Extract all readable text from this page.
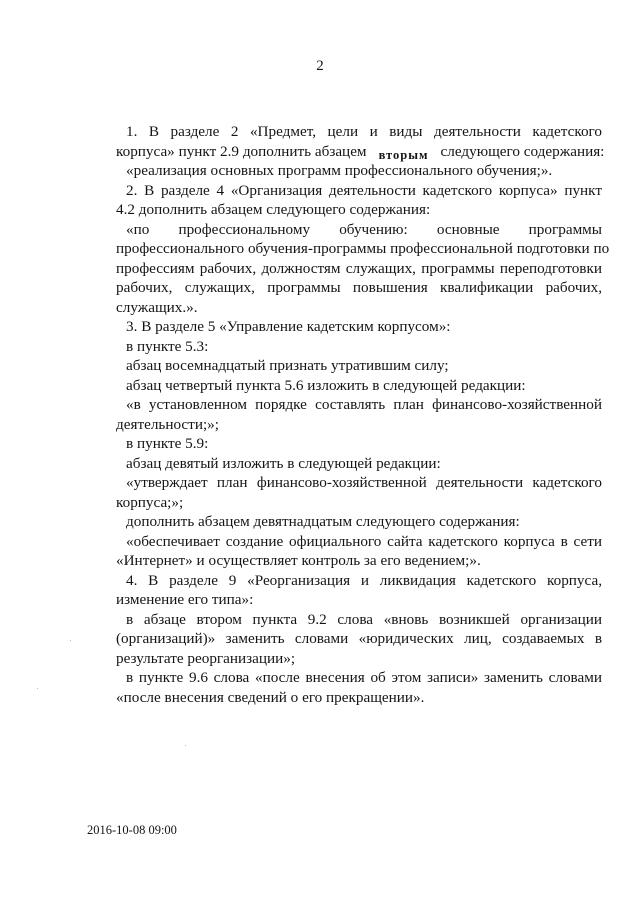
2
1. В разделе 2 «Предмет, цели и виды деятельности кадетского
корпуса» пункт 2.9 дополнить абзацем вторым следующего содержания:
«реализация основных программ профессионального обучения;».
2. В разделе 4 «Организация деятельности кадетского корпуса» пункт
4.2 дополнить абзацем следующего содержания:
«по профессиональному обучению: основные программы
профессионального обучения-программы профессиональной подготовки по
профессиям рабочих, должностям служащих, программы переподготовки
рабочих, служащих, программы повышения квалификации рабочих,
служащих.».
3. В разделе 5 «Управление кадетским корпусом»:
в пункте 5.3:
абзац восемнадцатый признать утратившим силу;
абзац четвертый пункта 5.6 изложить в следующей редакции:
«в установленном порядке составлять план финансово-хозяйственной
деятельности;»;
в пункте 5.9:
абзац девятый изложить в следующей редакции:
«утверждает план финансово-хозяйственной деятельности кадетского
корпуса;»;
дополнить абзацем девятнадцатым следующего содержания:
«обеспечивает создание официального сайта кадетского корпуса в сети
«Интернет» и осуществляет контроль за его ведением;».
4. В разделе 9 «Реорганизация и ликвидация кадетского корпуса,
изменение его типа»:
в абзаце втором пункта 9.2 слова «вновь возникшей организации
(организаций)» заменить словами «юридических лиц, создаваемых в
результате реорганизации»;
в пункте 9.6 слова «после внесения об этом записи» заменить словами
«после внесения сведений о его прекращении».
2016-10-08 09:00
